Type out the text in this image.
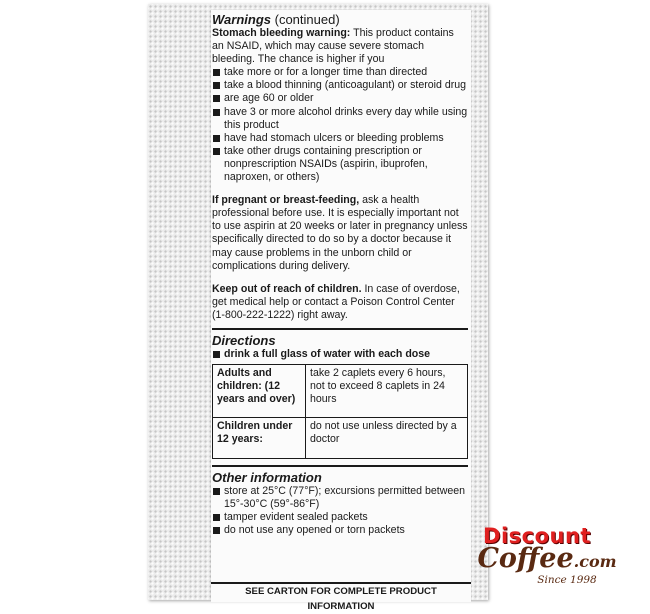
Warnings (continued)

Stomach bleeding warning: This product contains an NSAID, which may cause severe stomach bleeding. The chance is higher if you

take more or for a longer time than directed
take a blood thinning (anticoagulant) or steroid drug
are age 60 or older
have 3 or more alcohol drinks every day while using this product
have had stomach ulcers or bleeding problems
take other drugs containing prescription or nonprescription NSAIDs (aspirin, ibuprofen, naproxen, or others)

If pregnant or breast-feeding, ask a health professional before use. It is especially important not to use aspirin at 20 weeks or later in pregnancy unless specifically directed to do so by a doctor because it may cause problems in the unborn child or complications during delivery.

Keep out of reach of children. In case of overdose, get medical help or contact a Poison Control Center (1-800-222-1222) right away.

Directions
drink a full glass of water with each dose
Adults and children: (12 years and over)	take 2 caplets every 6 hours, not to exceed 8 caplets in 24 hours
Children under 12 years:	do not use unless directed by a doctor
Other information
store at 25°C (77°F); excursions permitted between 15°-30°C (59°-86°F)
tamper evident sealed packets
do not use any opened or torn packets
SEE CARTON FOR COMPLETE PRODUCT INFORMATION
Discount
Coffee.com
Since 1998
